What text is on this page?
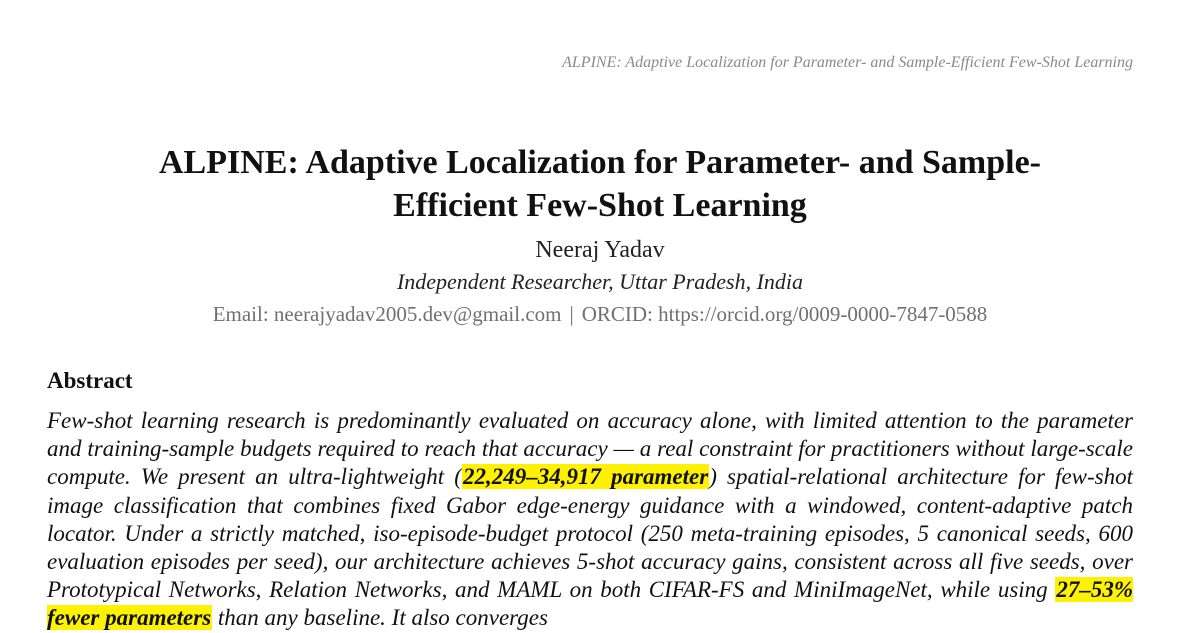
ALPINE: Adaptive Localization for Parameter- and Sample-Efficient Few-Shot Learning
ALPINE: Adaptive Localization for Parameter- and Sample-
Efficient Few-Shot Learning
Neeraj Yadav
Independent Researcher, Uttar Pradesh, India
Email: neerajyadav2005.dev@gmail.com | ORCID: https://orcid.org/0009-0000-7847-0588
Abstract

Few-shot learning research is predominantly evaluated on accuracy alone, with limited attention to the parameter and training-sample budgets required to reach that accuracy — a real constraint for practitioners without large-scale compute. We present an ultra-lightweight (22,249–34,917 parameter) spatial-relational architecture for few-shot image classification that combines fixed Gabor edge-energy guidance with a windowed, content-adaptive patch locator. Under a strictly matched, iso-episode-budget protocol (250 meta-training episodes, 5 canonical seeds, 600 evaluation episodes per seed), our architecture achieves 5-shot accuracy gains, consistent across all five seeds, over Prototypical Networks, Relation Networks, and MAML on both CIFAR-FS and MiniImageNet, while using 27–53% fewer parameters than any baseline. It also converges
